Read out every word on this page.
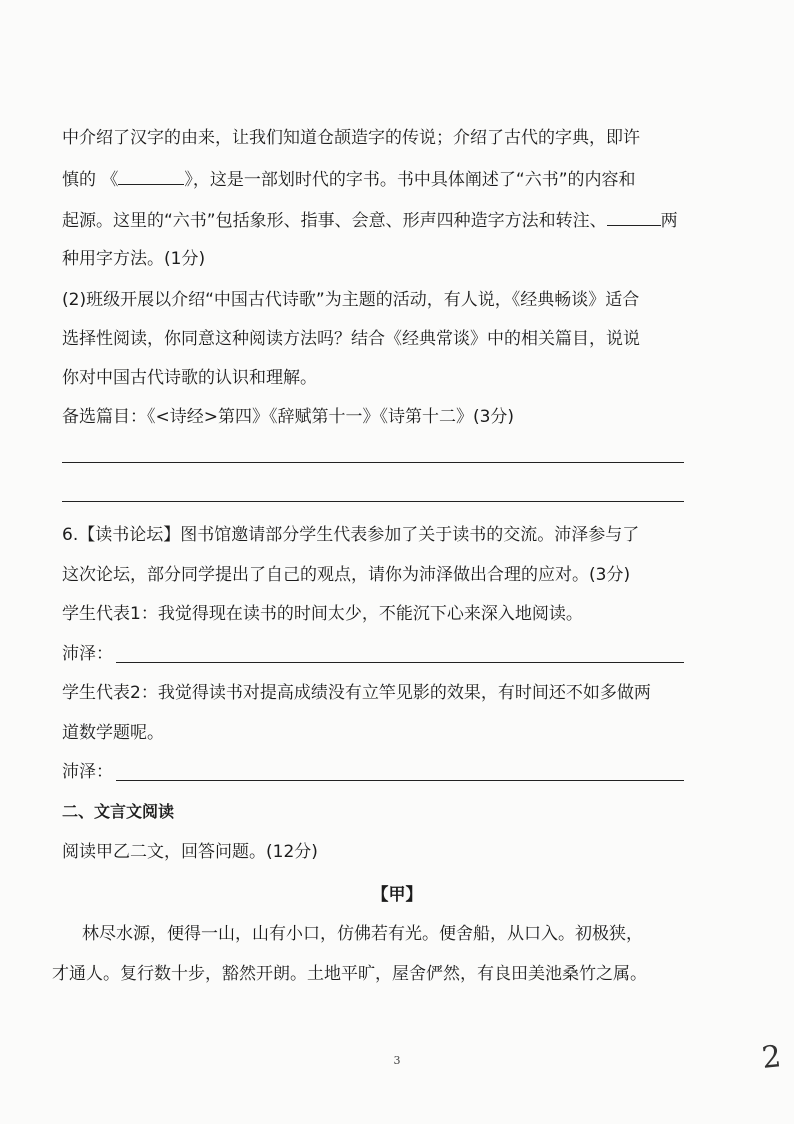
中介绍了汉字的由来，让我们知道仓颉造字的传说；介绍了古代的字典，即许
慎的 《	》，这是一部划时代的字书。书中具体阐述了“六书”的内容和
起源。这里的“六书”包括象形、指事、会意、形声四种造字方法和转注、	两
种用字方法。(1分)
(2)班级开展以介绍“中国古代诗歌”为主题的活动，有人说，《经典畅谈》适合
选择性阅读，你同意这种阅读方法吗？结合《经典常谈》中的相关篇目，说说
你对中国古代诗歌的认识和理解。
备选篇目：《<诗经>第四》《辞赋第十一》《诗第十二》(3分)
6.【读书论坛】图书馆邀请部分学生代表参加了关于读书的交流。沛泽参与了
这次论坛，部分同学提出了自己的观点，请你为沛泽做出合理的应对。(3分)
学生代表1：我觉得现在读书的时间太少，不能沉下心来深入地阅读。
沛泽：
学生代表2：我觉得读书对提高成绩没有立竿见影的效果，有时间还不如多做两
道数学题呢。
沛泽：
二、文言文阅读
阅读甲乙二文，回答问题。(12分)
【甲】
林尽水源，便得一山，山有小口，仿佛若有光。便舍船，从口入。初极狭，
才通人。复行数十步，豁然开朗。土地平旷，屋舍俨然，有良田美池桑竹之属。
3	2
